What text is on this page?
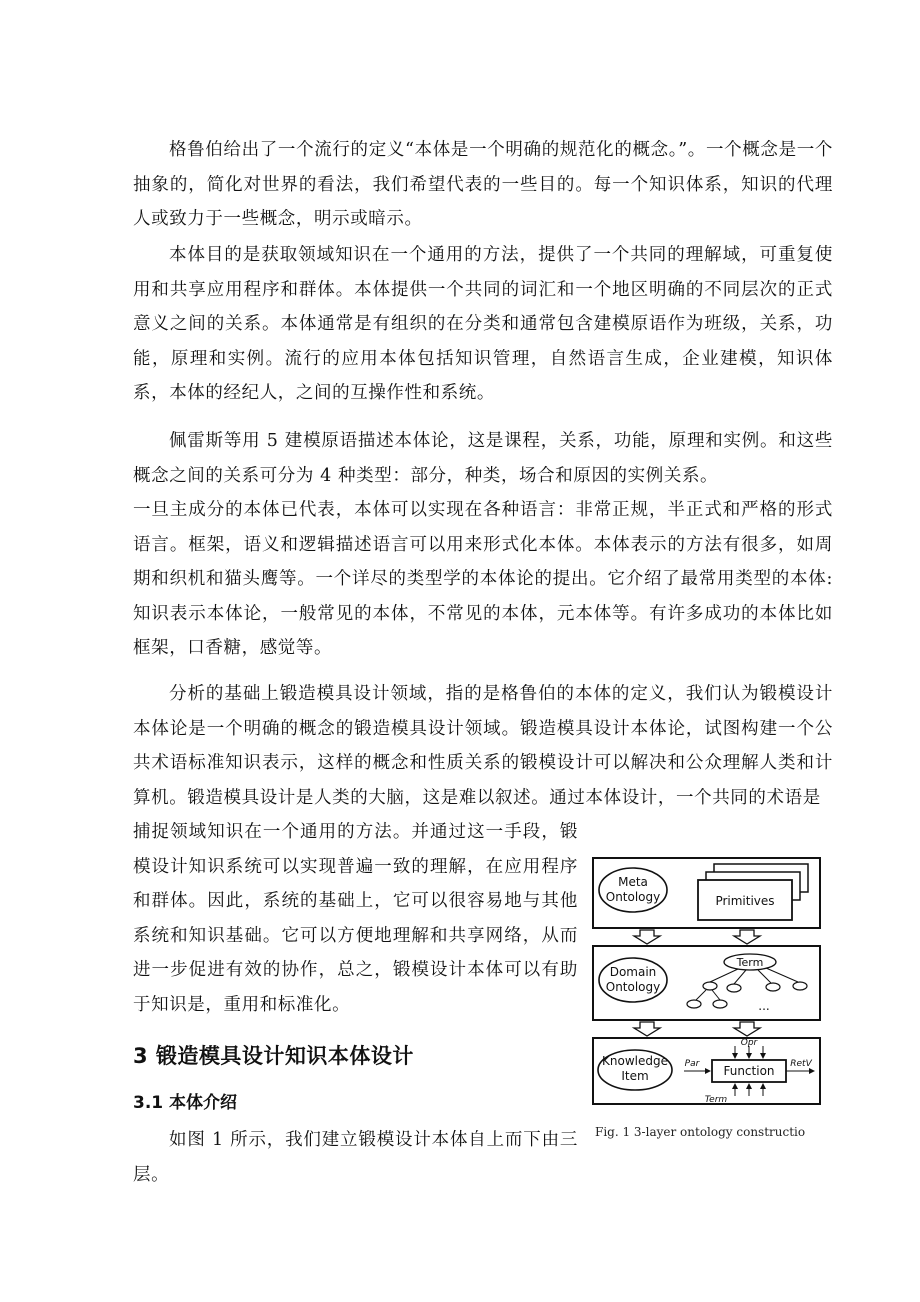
格鲁伯给出了一个流行的定义“本体是一个明确的规范化的概念。”。一个概念是一个抽象的，简化对世界的看法，我们希望代表的一些目的。每一个知识体系，知识的代理人或致力于一些概念，明示或暗示。

本体目的是获取领域知识在一个通用的方法，提供了一个共同的理解域，可重复使用和共享应用程序和群体。本体提供一个共同的词汇和一个地区明确的不同层次的正式意义之间的关系。本体通常是有组织的在分类和通常包含建模原语作为班级，关系，功能，原理和实例。流行的应用本体包括知识管理，自然语言生成，企业建模，知识体系，本体的经纪人，之间的互操作性和系统。

佩雷斯等用 5 建模原语描述本体论，这是课程，关系，功能，原理和实例。和这些概念之间的关系可分为 4 种类型：部分，种类，场合和原因的实例关系。

一旦主成分的本体已代表，本体可以实现在各种语言：非常正规，半正式和严格的形式语言。框架，语义和逻辑描述语言可以用来形式化本体。本体表示的方法有很多，如周期和织机和猫头鹰等。一个详尽的类型学的本体论的提出。它介绍了最常用类型的本体:知识表示本体论，一般常见的本体，不常见的本体，元本体等。有许多成功的本体比如框架，口香糖，感觉等。

分析的基础上锻造模具设计领域，指的是格鲁伯的本体的定义，我们认为锻模设计本体论是一个明确的概念的锻造模具设计领域。锻造模具设计本体论，试图构建一个公共术语标准知识表示，这样的概念和性质关系的锻模设计可以解决和公众理解人类和计算机。锻造模具设计是人类的大脑，这是难以叙述。通过本体设计，一个共同的术语是

捕捉领域知识在一个通用的方法。并通过这一手段，锻模设计知识系统可以实现普遍一致的理解，在应用程序和群体。因此，系统的基础上，它可以很容易地与其他系统和知识基础。它可以方便地理解和共享网络，从而进一步促进有效的协作，总之，锻模设计本体可以有助于知识是，重用和标准化。

3 锻造模具设计知识本体设计
3.1 本体介绍

如图 1 所示，我们建立锻模设计本体自上而下由三层。

Meta
Ontology	Primitives
Domain
Ontology
Term
...
Knowledge
Item	Function
Opr
Par	RetV
Term
Fig. 1 3-layer ontology constructio
